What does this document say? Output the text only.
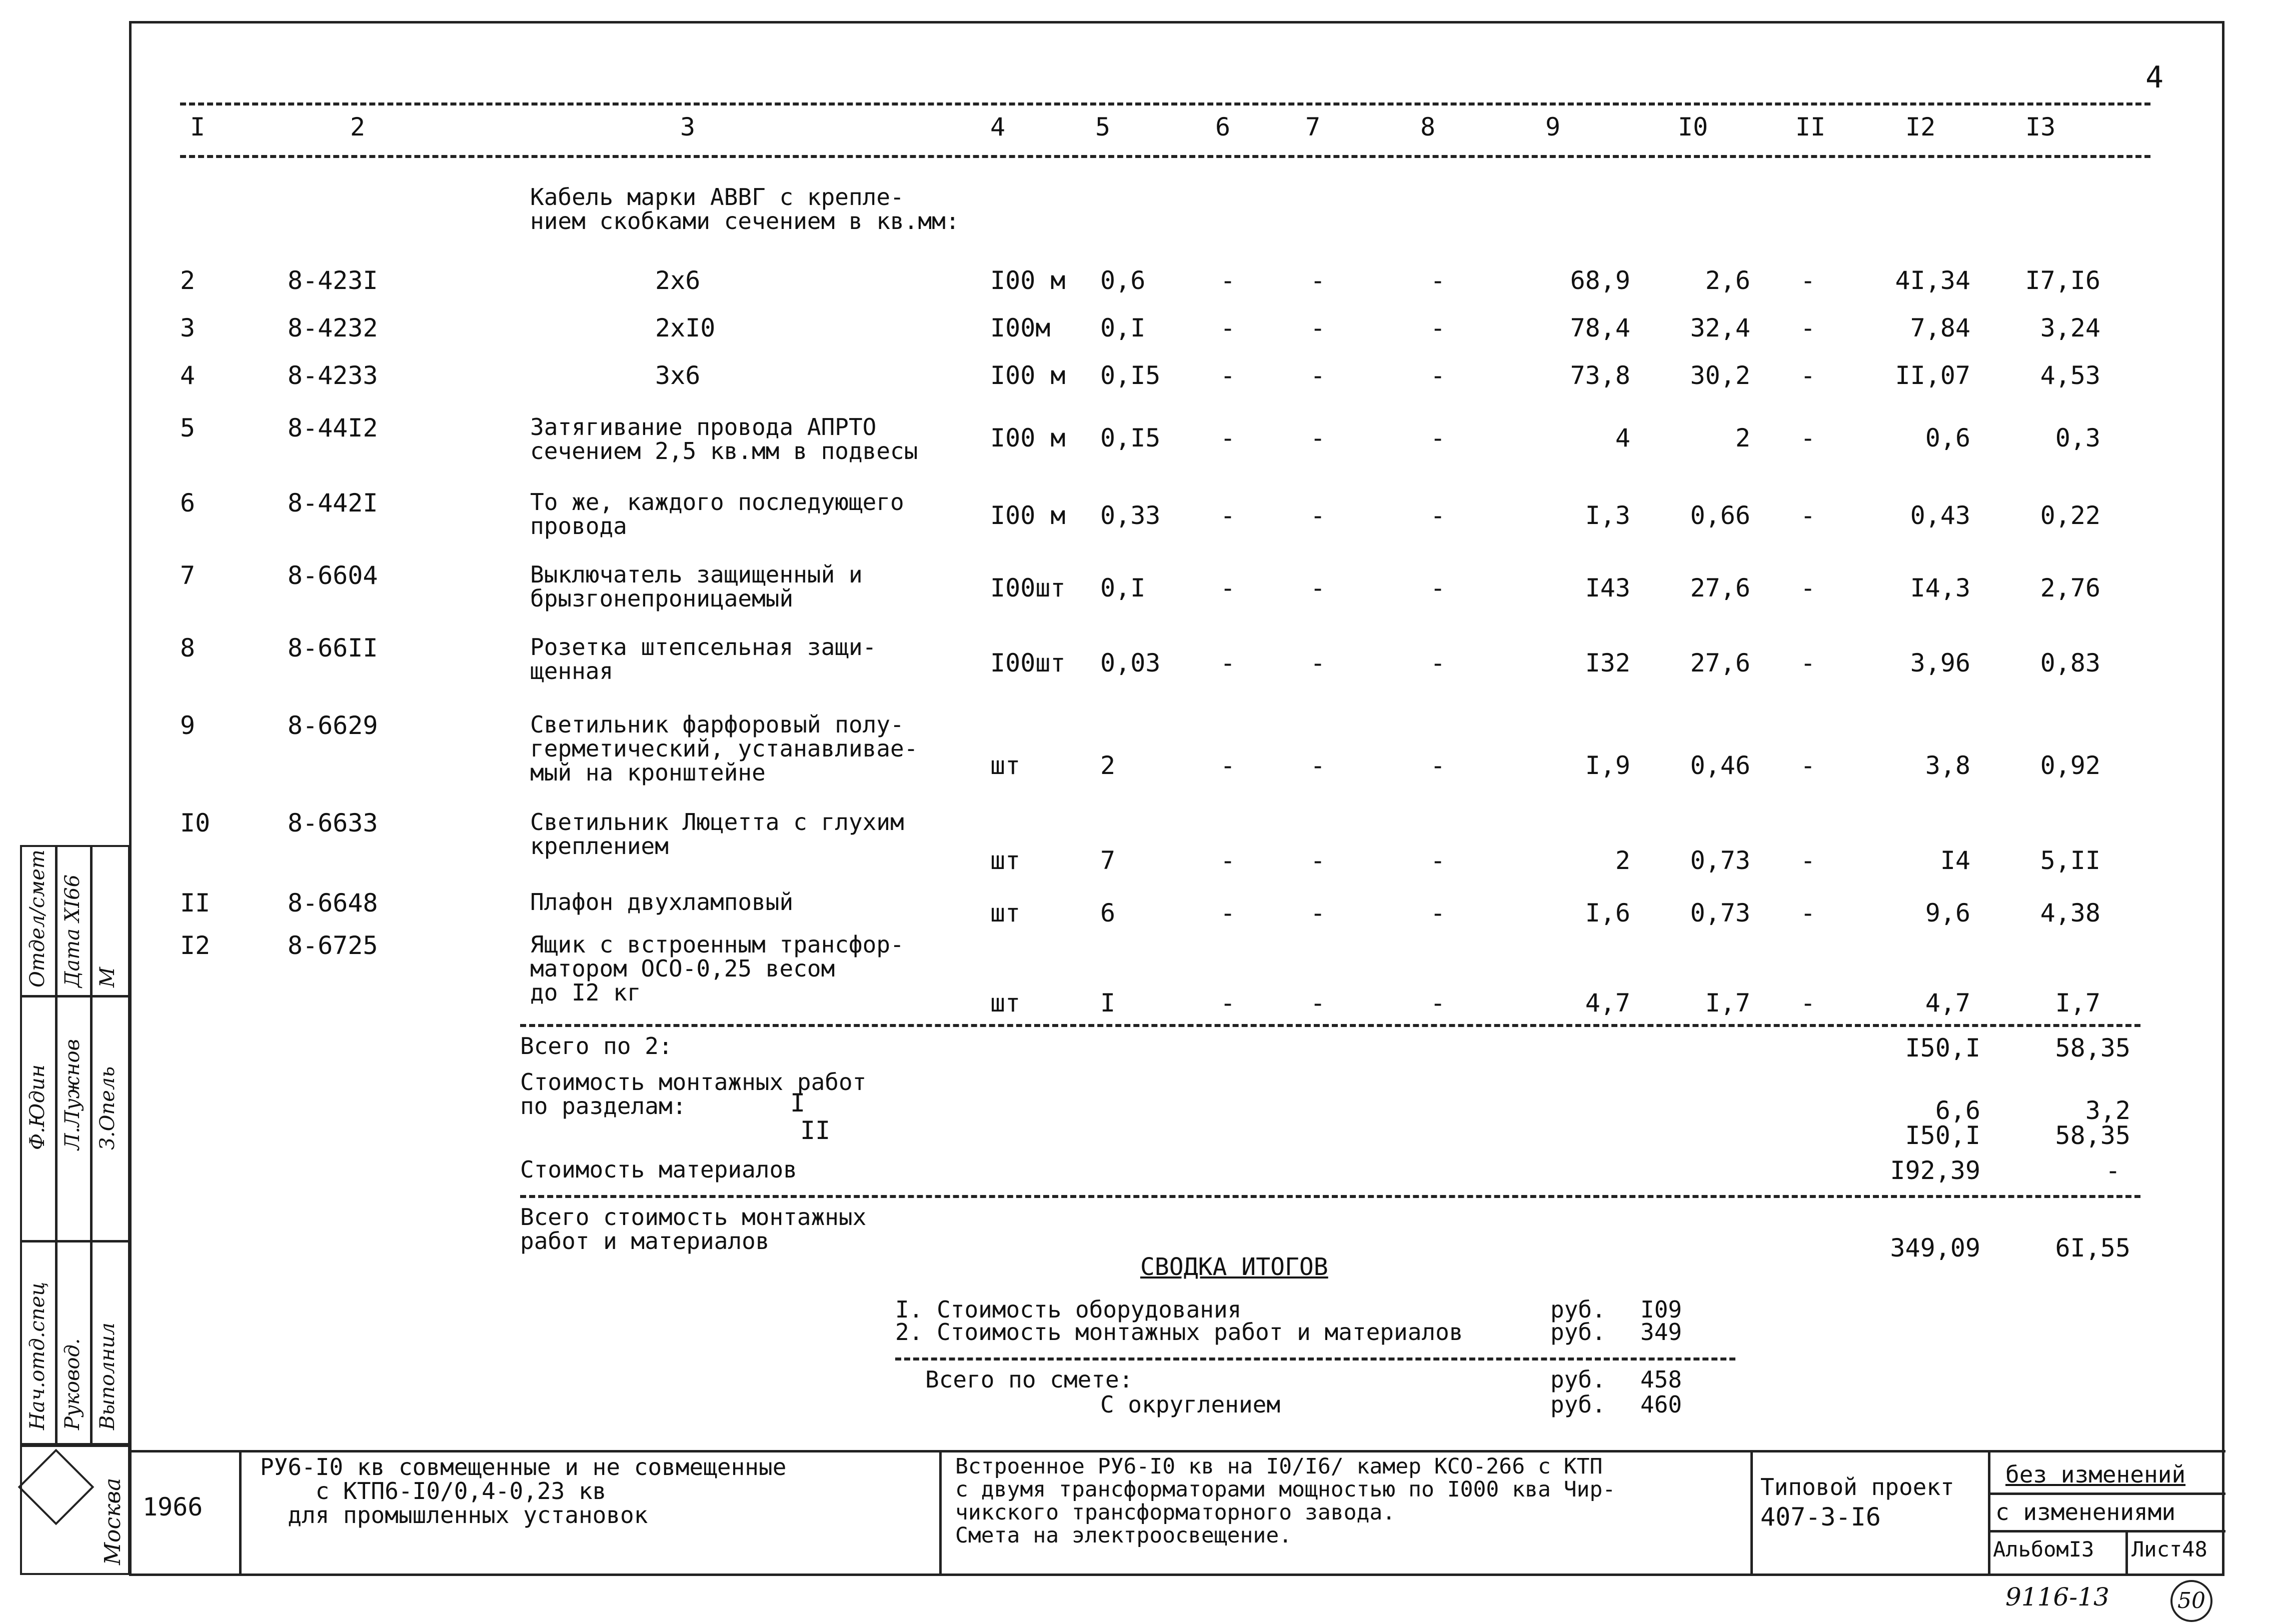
4
I	2	3	4	5	6	7	8	9	I0	II	I2	I3
Кабель марки АВВГ с крепле-
нием скобками сечением в кв.мм:
2	8-423I	2х6	I00 м 0,6	-	-	-	68,9	2,6 -	4I,34	I7,I6
3	8-4232	2хI0	I00м 0,I	-	-	-	78,4	32,4 -	7,84	3,24
4	8-4233	3х6	I00 м 0,I5 -	-	-	73,8	30,2 -	II,07	4,53
5	8-44I2	Затягивание провода АПРТО
сечением 2,5 кв.мм в подвесы	I00 м 0,I5 -	-	-	4	2 -	0,6	0,3
6	8-442I	То же, каждого последующего
провода	I00 м 0,33 -	-	-	I,3	0,66 -	0,43	0,22
7	8-6604	Выключатель защищенный и
брызгонепроницаемый	I00шт 0,I	-	-	-	I43	27,6 -	I4,3	2,76
8	8-66II	Розетка штепсельная защи-
щенная	I00шт 0,03 -	-	-	I32	27,6 -	3,96	0,83
9	8-6629	Светильник фарфоровый полу-
герметический, устанавливае-
мый на кронштейне	шт	2	-	-	-	I,9	0,46 -	3,8	0,92
I0	8-6633	Светильник Люцетта с глухим
креплением	шт	7	-	-	-	2	0,73 -	I4	5,II
II	8-6648	Плафон двухламповый	шт	6	-	-	-	I,6	0,73 -	9,6	4,38
I2	8-6725	Ящик с встроенным трансфор-
матором ОСО-0,25 весом
до I2 кг	шт	I	-	-	-	4,7	I,7 -	4,7	I,7
Всего по 2:	I50,I	58,35
Стоимость монтажных работ
по разделам:	I
II
6,6	3,2
I50,I	58,35
Стоимость материалов	I92,39	-
Всего стоимость монтажных
работ и материалов	349,09	6I,55
СВОДКА ИТОГОВ
I. Стоимость оборудования	руб. I09
2. Стоимость монтажных работ и материалов	руб. 349
Всего по смете:	руб. 458
С округлением	руб. 460
Отдел/смет Дата XI66 М
Ф.Юдин Л.Лужнов З.Опель
Нач.отд.спец Руковод. Выполнил
Москва 1966
РУ6-I0 кв совмещенные и не совмещенные
с КТП6-I0/0,4-0,23 кв
для промышленных установок
Встроенное РУ6-I0 кв на I0/I6/ камер КСО-266 с КТП
с двумя трансформаторами мощностью по I000 ква Чир-
чикского трансформаторного завода.
Смета на электроосвещение.
Типовой проект
407-3-I6
без изменений
с изменениями
АльбомI3 Лист48
9116-13	50
